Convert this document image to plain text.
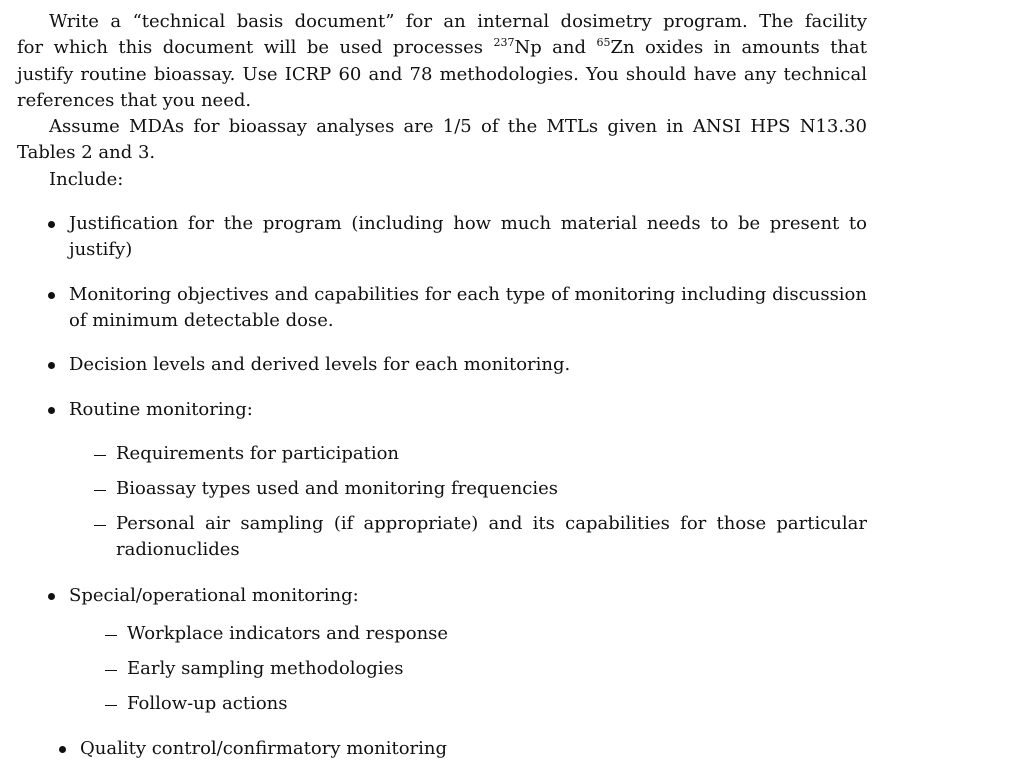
Write a “technical basis document” for an internal dosimetry program. The facility
for which this document will be used processes $^{237}$Np and $^{65}$Zn oxides in amounts that
justify routine bioassay. Use ICRP 60 and 78 methodologies. You should have any technical
references that you need.
Assume MDAs for bioassay analyses are 1/5 of the MTLs given in ANSI HPS N13.30
Tables 2 and 3.
Include:
Justification for the program (including how much material needs to be present to
justify)
Monitoring objectives and capabilities for each type of monitoring including discussion
of minimum detectable dose.
Decision levels and derived levels for each monitoring.
Routine monitoring:
Requirements for participation
Bioassay types used and monitoring frequencies
Personal air sampling (if appropriate) and its capabilities for those particular
radionuclides
Special/operational monitoring:
Workplace indicators and response
Early sampling methodologies
Follow-up actions
Quality control/confirmatory monitoring
